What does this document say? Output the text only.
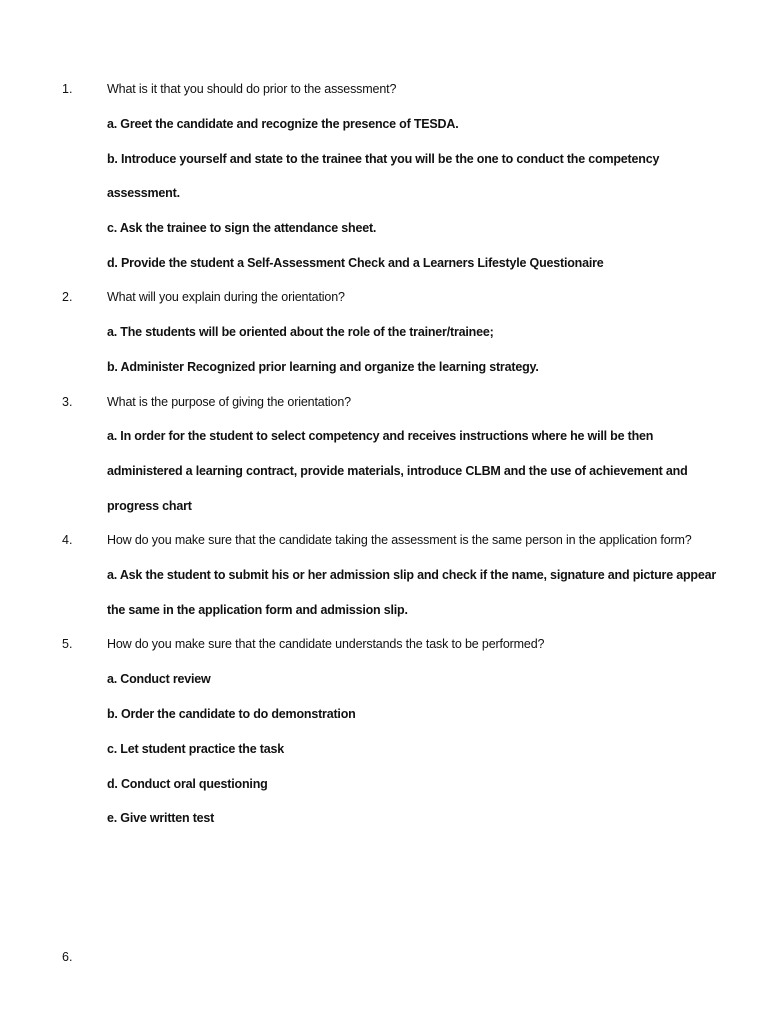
1.	What is it that you should do prior to the assessment?
a. Greet the candidate and recognize the presence of TESDA.
b. Introduce yourself and state to the trainee that you will be the one to conduct the competency
assessment.
c. Ask the trainee to sign the attendance sheet.
d. Provide the student a Self-Assessment Check and a Learners Lifestyle Questionaire
2.	What will you explain during the orientation?
a. The students will be oriented about the role of the trainer/trainee;
b. Administer Recognized prior learning and organize the learning strategy.
3.	What is the purpose of giving the orientation?
a. In order for the student to select competency and receives instructions where he will be then
administered a learning contract, provide materials, introduce CLBM and the use of achievement and
progress chart
4.	How do you make sure that the candidate taking the assessment is the same person in the application form?
a. Ask the student to submit his or her admission slip and check if the name, signature and picture appear
the same in the application form and admission slip.
5.	How do you make sure that the candidate understands the task to be performed?
a. Conduct review
b. Order the candidate to do demonstration
c. Let student practice the task
d. Conduct oral questioning
e. Give written test
6.
